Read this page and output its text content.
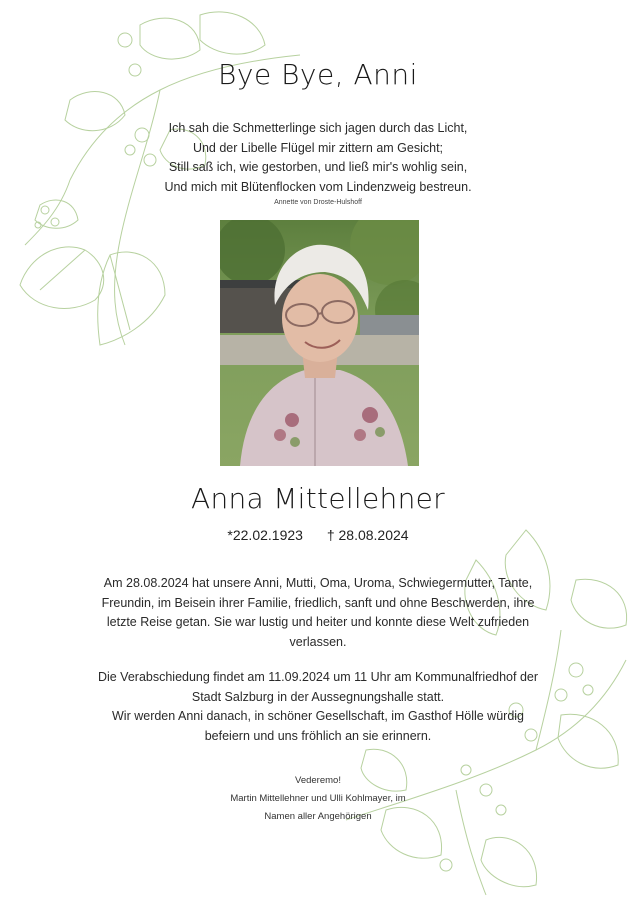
Bye Bye, Anni
Ich sah die Schmetterlinge sich jagen durch das Licht,
Und der Libelle Flügel mir zittern am Gesicht;
Still saß ich, wie gestorben, und ließ mir's wohlig sein,
Und mich mit Blütenflocken vom Lindenzweig bestreun.
Annette von Droste-Hulshoff
Anna Mittellehner
*22.02.1923 † 28.08.2024
Am 28.08.2024 hat unsere Anni, Mutti, Oma, Uroma, Schwiegermutter, Tante, Freundin, im Beisein ihrer Familie, friedlich, sanft und ohne Beschwerden, ihre letzte Reise getan. Sie war lustig und heiter und konnte diese Welt zufrieden verlassen.
Die Verabschiedung findet am 11.09.2024 um 11 Uhr am Kommunalfriedhof der Stadt Salzburg in der Aussegnungshalle statt.
Wir werden Anni danach, in schöner Gesellschaft, im Gasthof Hölle würdig befeiern und uns fröhlich an sie erinnern.
Vederemo!
Martin Mittellehner und Ulli Kohlmayer, im
Namen aller Angehörigen
